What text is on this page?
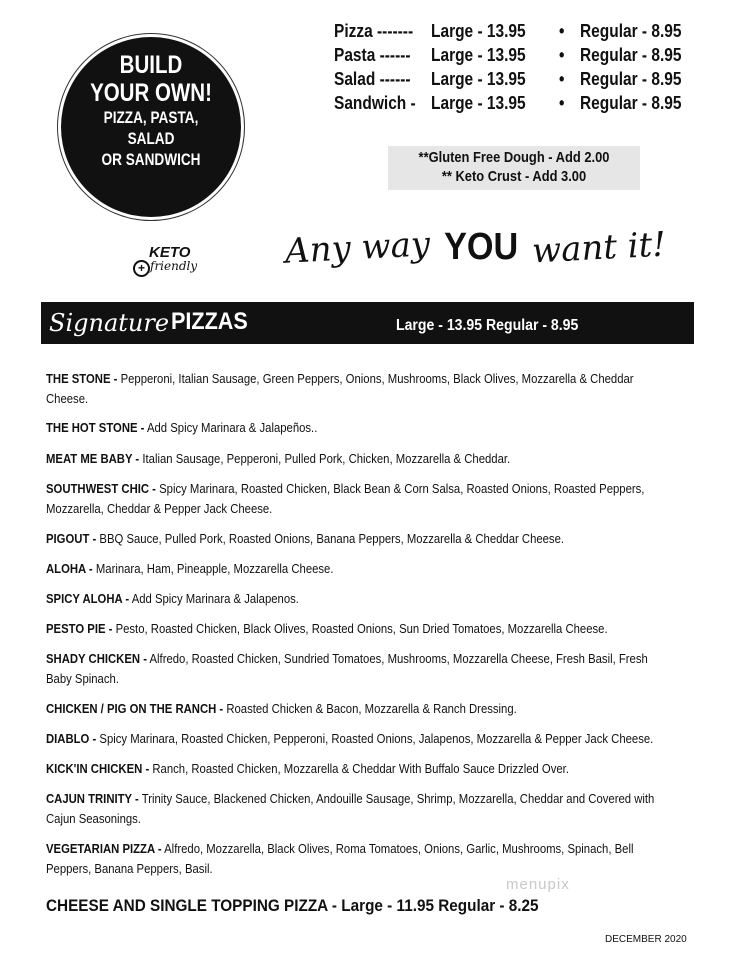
BUILD
YOUR OWN!
PIZZA, PASTA,
SALAD
OR SANDWICH
Pizza ------- Large - 13.95 • Regular - 8.95
Pasta ------ Large - 13.95 • Regular - 8.95
Salad ------ Large - 13.95 • Regular - 8.95
Sandwich - Large - 13.95 • Regular - 8.95
**Gluten Free Dough - Add 2.00
** Keto Crust - Add 3.00
KETO
+ friendly	Any way YOU want it!
Signature PIZZAS	Large - 13.95 Regular - 8.95
THE STONE - Pepperoni, Italian Sausage, Green Peppers, Onions, Mushrooms, Black Olives, Mozzarella & Cheddar
Cheese.
THE HOT STONE - Add Spicy Marinara & Jalapeños..
MEAT ME BABY - Italian Sausage, Pepperoni, Pulled Pork, Chicken, Mozzarella & Cheddar.
SOUTHWEST CHIC - Spicy Marinara, Roasted Chicken, Black Bean & Corn Salsa, Roasted Onions, Roasted Peppers,
Mozzarella, Cheddar & Pepper Jack Cheese.
PIGOUT - BBQ Sauce, Pulled Pork, Roasted Onions, Banana Peppers, Mozzarella & Cheddar Cheese.
ALOHA - Marinara, Ham, Pineapple, Mozzarella Cheese.
SPICY ALOHA - Add Spicy Marinara & Jalapenos.
PESTO PIE - Pesto, Roasted Chicken, Black Olives, Roasted Onions, Sun Dried Tomatoes, Mozzarella Cheese.
SHADY CHICKEN - Alfredo, Roasted Chicken, Sundried Tomatoes, Mushrooms, Mozzarella Cheese, Fresh Basil, Fresh
Baby Spinach.
CHICKEN / PIG ON THE RANCH - Roasted Chicken & Bacon, Mozzarella & Ranch Dressing.
DIABLO - Spicy Marinara, Roasted Chicken, Pepperoni, Roasted Onions, Jalapenos, Mozzarella & Pepper Jack Cheese.
KICK'IN CHICKEN - Ranch, Roasted Chicken, Mozzarella & Cheddar With Buffalo Sauce Drizzled Over.
CAJUN TRINITY - Trinity Sauce, Blackened Chicken, Andouille Sausage, Shrimp, Mozzarella, Cheddar and Covered with
Cajun Seasonings.
VEGETARIAN PIZZA - Alfredo, Mozzarella, Black Olives, Roma Tomatoes, Onions, Garlic, Mushrooms, Spinach, Bell
Peppers, Banana Peppers, Basil.
menupix
CHEESE AND SINGLE TOPPING PIZZA - Large - 11.95 Regular - 8.25
DECEMBER 2020
